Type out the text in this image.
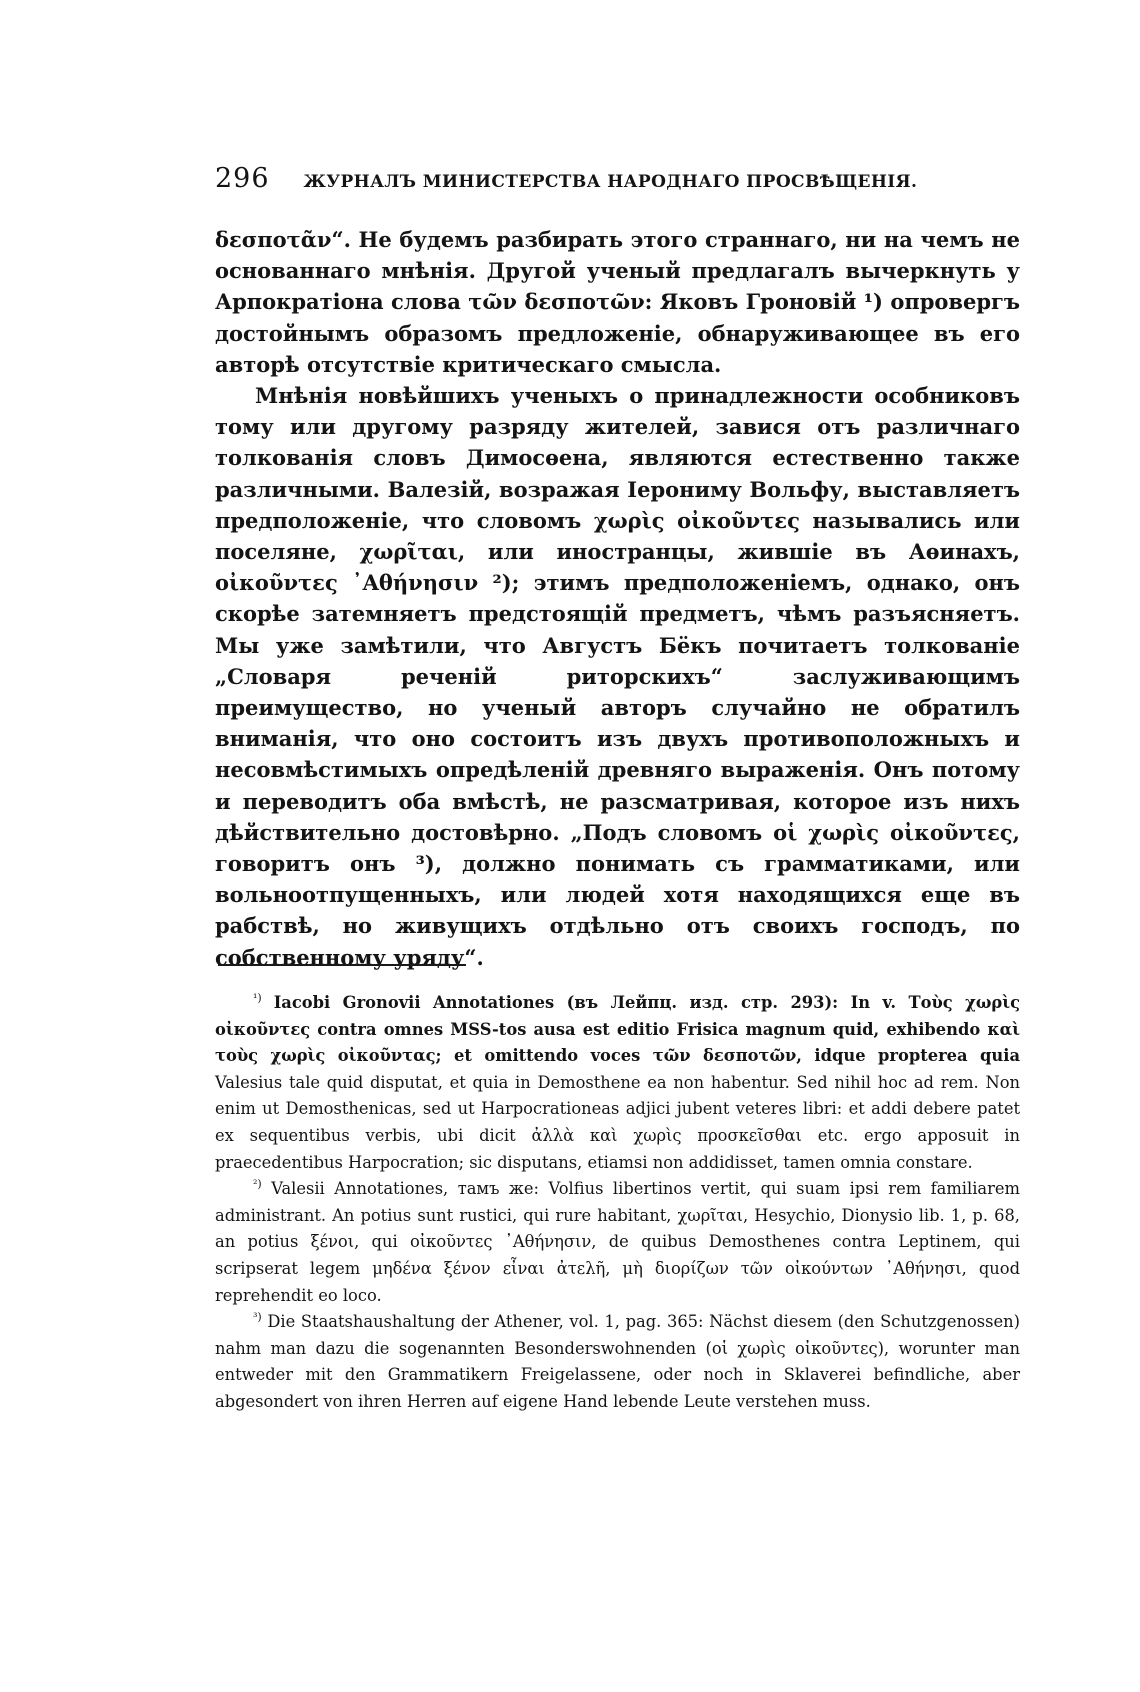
296 ЖУРНАЛЪ МИНИСТЕРСТВА НАРОДНАГО ПРОСВѢЩЕНІЯ.

δεσποτᾶν“. Не будемъ разбирать этого страннаго, ни на чемъ не основаннаго мнѣнія. Другой ученый предлагалъ вычеркнуть у Арпократіона слова τῶν δεσποτῶν: Яковъ Гроновій ¹) опровергъ достойнымъ образомъ предложеніе, обнаруживающее въ его авторѣ отсутствіе критическаго смысла.

Мнѣнія новѣйшихъ ученыхъ о принадлежности особниковъ тому или другому разряду жителей, завися отъ различнаго толкованія словъ Димосѳена, являются естественно также различными. Валезій, возражая Іерониму Вольфу, выставляетъ предположеніе, что словомъ χωρὶς οἰκοῦντες назывались или поселяне, χωρῖται, или иностранцы, жившіе въ Аѳинахъ, οἰκοῦντες ᾿Αθήνησιν ²); этимъ предположеніемъ, однако, онъ скорѣе затемняетъ предстоящій предметъ, чѣмъ разъясняетъ. Мы уже замѣтили, что Августъ Бёкъ почитаетъ толкованіе „Словаря реченій риторскихъ“ заслуживающимъ преимущество, но ученый авторъ случайно не обратилъ вниманія, что оно состоитъ изъ двухъ противоположныхъ и несовмѣстимыхъ опредѣленій древняго выраженія. Онъ потому и переводитъ оба вмѣстѣ, не разсматривая, которое изъ нихъ дѣйствительно достовѣрно. „Подъ словомъ οἱ χωρὶς οἰκοῦντες, говоритъ онъ ³), должно понимать съ грамматиками, или вольноотпущенныхъ, или людей хотя находящихся еще въ рабствѣ, но живущихъ отдѣльно отъ своихъ господъ, по собственному уряду“.

$^{^1)}$ Iacobi Gronovii Annotationes (въ Лейпц. изд. стр. 293): In v. Τοὺς χωρὶς οἰκοῦντες contra omnes MSS-tos ausa est editio Frisica magnum quid, exhibendo καὶ τοὺς χωρὶς οἰκοῦντας; et omittendo voces τῶν δεσποτῶν, idque propterea quia Valesius tale quid disputat, et quia in Demosthene ea non habentur. Sed nihil hoc ad rem. Non enim ut Demosthenicas, sed ut Harpocrationeas adjici jubent veteres libri: et addi debere patet ex sequentibus verbis, ubi dicit ἀλλὰ καὶ χωρὶς προσκεῖσθαι etc. ergo apposuit in praecedentibus Harpocration; sic disputans, etiamsi non addidisset, tamen omnia constare.

$^{^2)}$ Valesii Annotationes, тамъ же: Volfius libertinos vertit, qui suam ipsi rem familiarem administrant. An potius sunt rustici, qui rure habitant, χωρῖται, Hesychio, Dionysio lib. 1, p. 68, an potius ξένοι, qui οἰκοῦντες ᾿Αθήνησιν, de quibus Demosthenes contra Leptinem, qui scripserat legem μηδένα ξένον εἶναι ἀτελῆ, μὴ διορίζων τῶν οἰκούντων ᾿Αθήνησι, quod reprehendit eo loco.

$^{^3)}$ Die Staatshaushaltung der Athener, vol. 1, pag. 365: Nächst diesem (den Schutzgenossen) nahm man dazu die sogenannten Besonderswohnenden (οἱ χωρὶς οἰκοῦντες), worunter man entweder mit den Grammatikern Freigelassene, oder noch in Sklaverei befindliche, aber abgesondert von ihren Herren auf eigene Hand lebende Leute verstehen muss.
